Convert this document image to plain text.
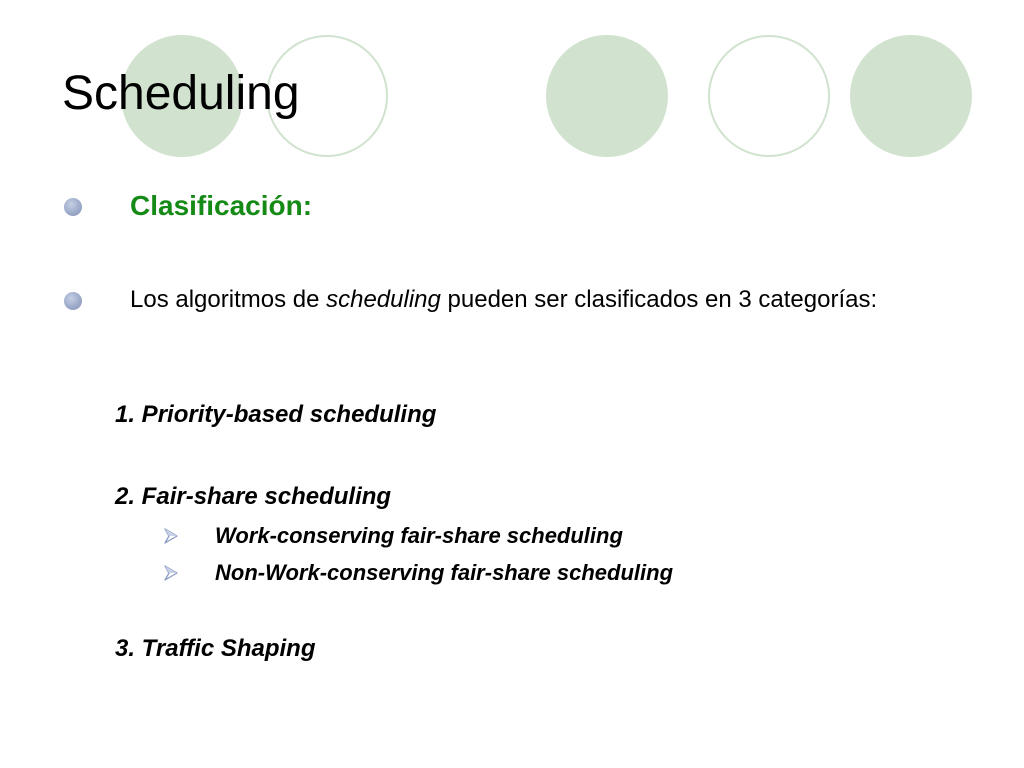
Scheduling
Clasificación:
Los algoritmos de scheduling pueden ser clasificados en 3 categorías:
1. Priority-based scheduling
2. Fair-share scheduling
Work-conserving fair-share scheduling
Non-Work-conserving fair-share scheduling
3. Traffic Shaping
